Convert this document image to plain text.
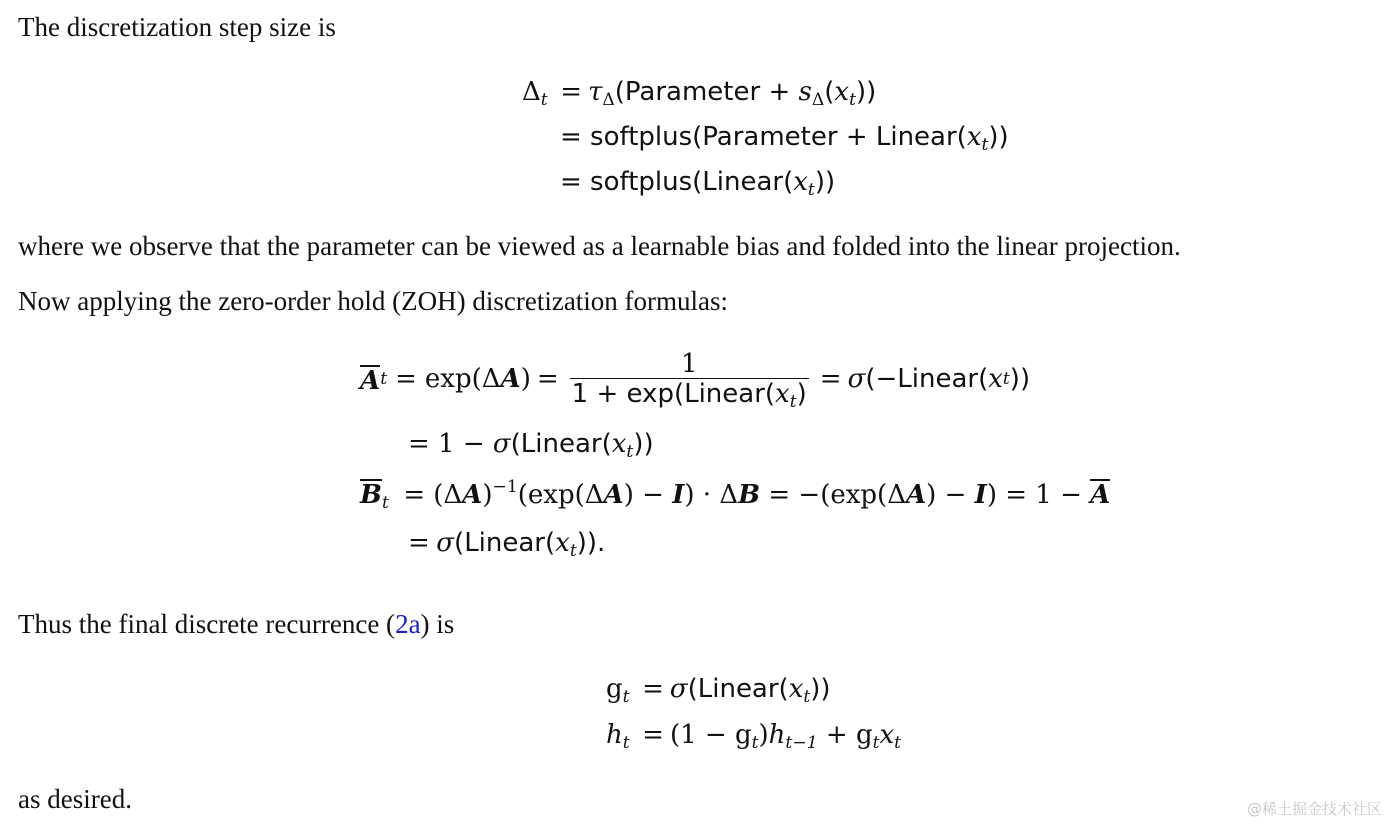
The discretization step size is

$\Delta_t$ = $\tau_\Delta(Parameter + s_\Delta(x_t))$
= softplus(Parameter + $Linear(x_t)$)
= $softplus(Linear(x_t))$

where we observe that the parameter can be viewed as a learnable bias and folded into the linear projection.

Now applying the zero-order hold (ZOH) discretization formulas:

A t = exp( Δ A ) = $\frac{1}{1 + \exp(Linear(x_t)} = \sigma$ (−Linear( x t ))
= $1 - \sigma(Linear(x_t))$
$B_t = (\Delta A)^{-1}(\exp(\Delta A) - I) \cdot \Delta B = -(\exp(\Delta A) - I) = 1 - A$
= $\sigma(Linear(x_t))$.

Thus the final discrete recurrence (2a) is

$g_t$ = $\sigma(Linear(x_t))$
$h_t = (1 - g_t)h_{t-1} + g_tx_t$

as desired.	@稀土掘金技术社区
